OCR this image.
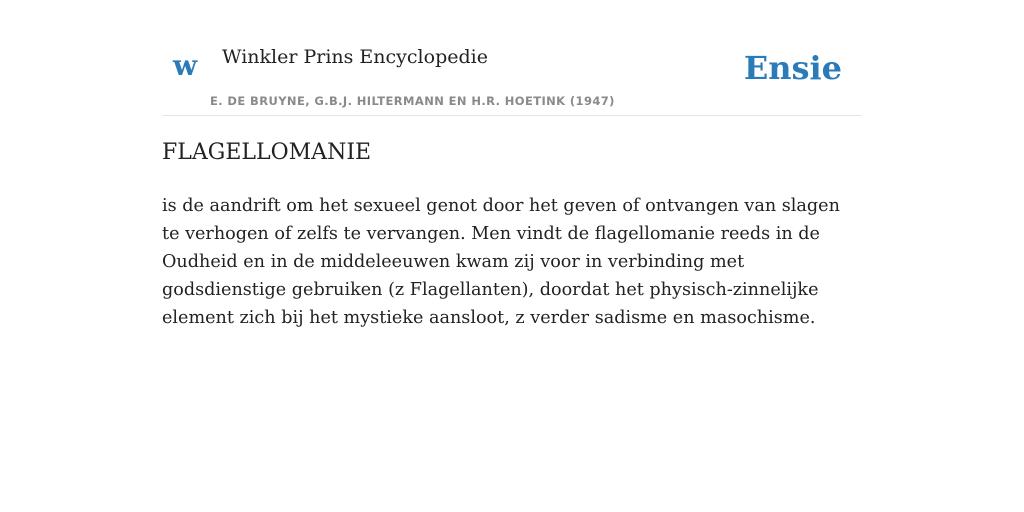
w Winkler Prins Encyclopedie
E. DE BRUYNE, G.B.J. HILTERMANN EN H.R. HOETINK (1947)
Ensie
FLAGELLOMANIE

is de aandrift om het sexueel genot door het geven of ontvangen van slagen te verhogen of zelfs te vervangen. Men vindt de flagellomanie reeds in de Oudheid en in de middeleeuwen kwam zij voor in verbinding met godsdienstige gebruiken (z Flagellanten), doordat het physisch-zinnelijke element zich bij het mystieke aansloot, z verder sadisme en masochisme.
